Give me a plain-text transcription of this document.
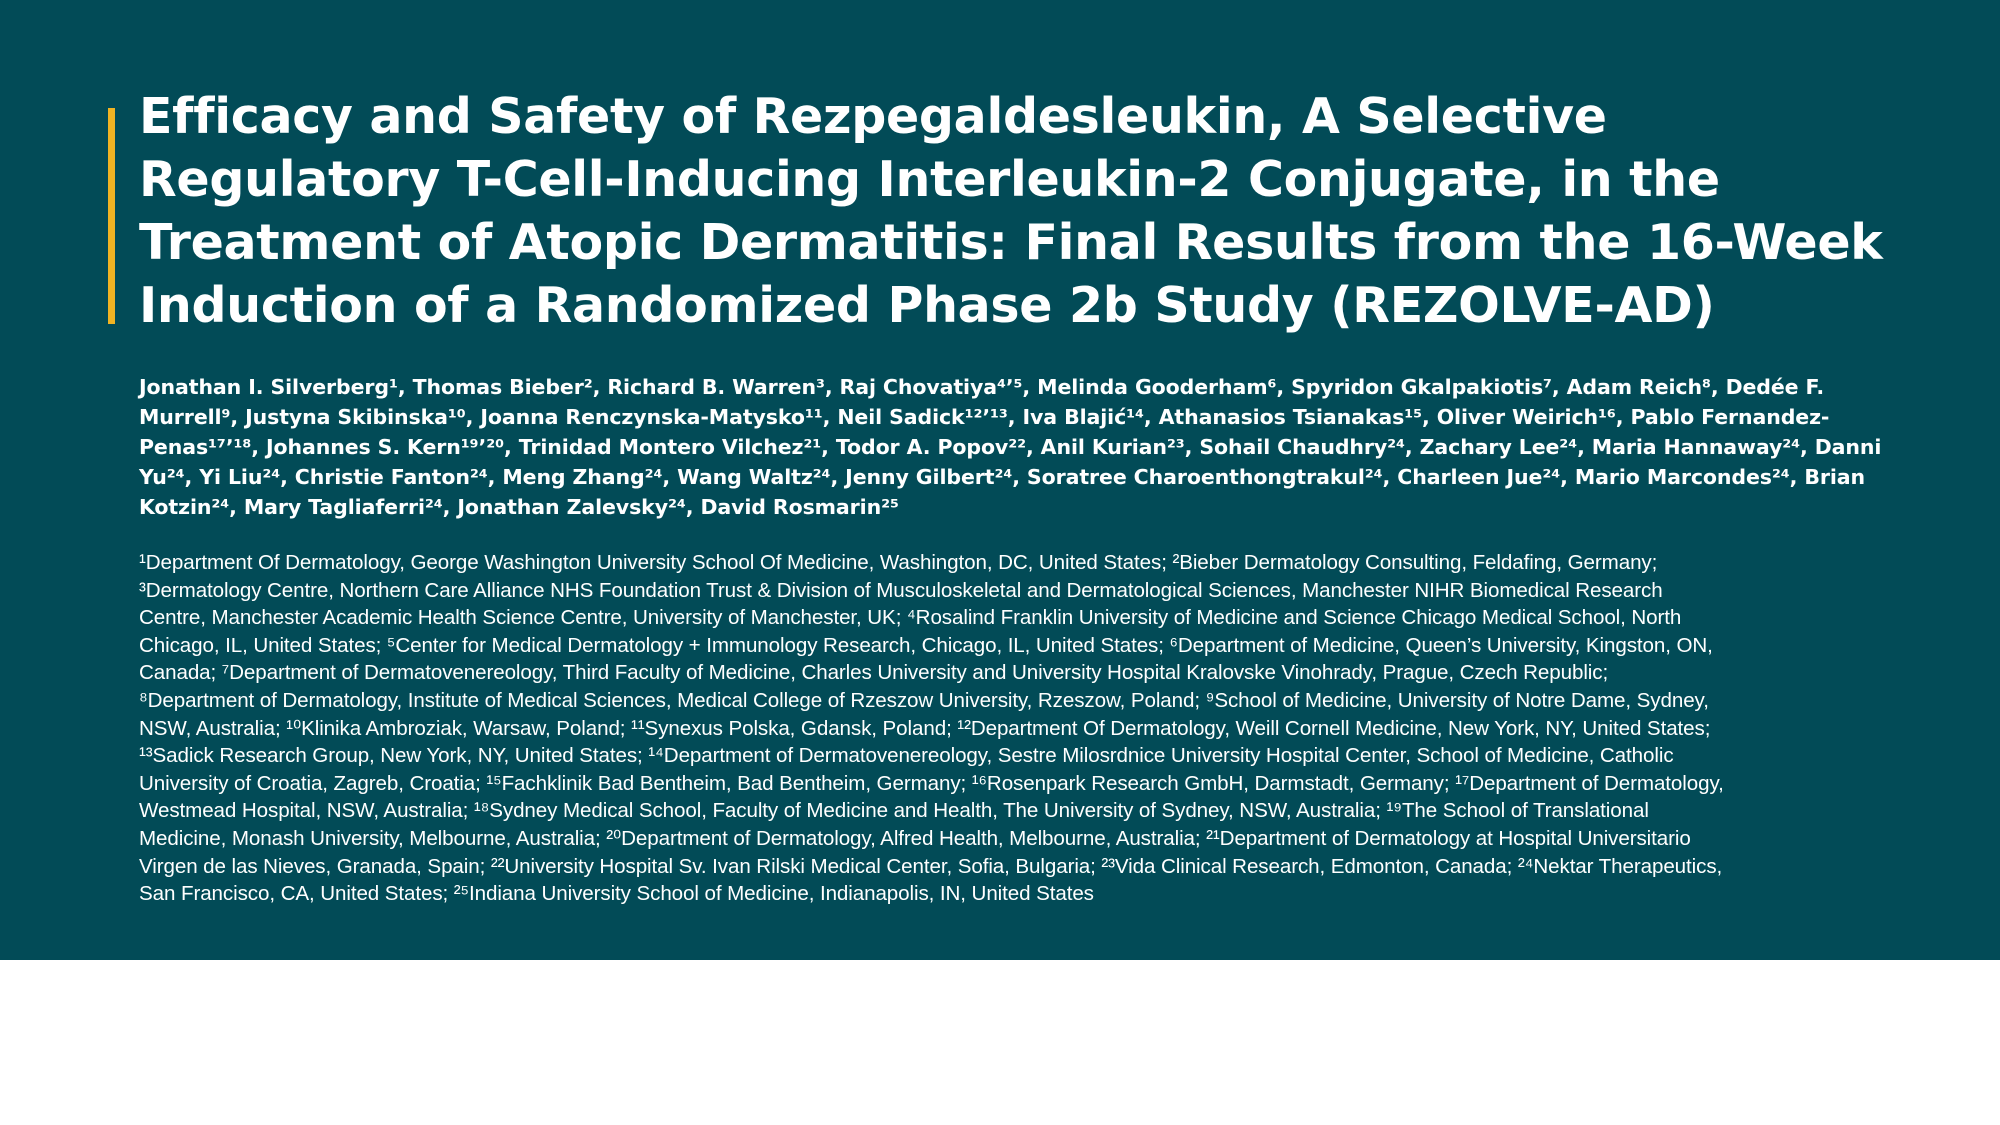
Efficacy and Safety of Rezpegaldesleukin, A Selective
Regulatory T-Cell-Inducing Interleukin-2 Conjugate, in the
Treatment of Atopic Dermatitis: Final Results from the 16-Week
Induction of a Randomized Phase 2b Study (REZOLVE-AD)

Jonathan I. Silverberg¹, Thomas Bieber², Richard B. Warren³, Raj Chovatiya⁴ʼ⁵, Melinda Gooderham⁶, Spyridon Gkalpakiotis⁷, Adam Reich⁸, Dedée F.
Murrell⁹, Justyna Skibinska¹⁰, Joanna Renczynska-Matysko¹¹, Neil Sadick¹²ʼ¹³, Iva Blajić¹⁴, Athanasios Tsianakas¹⁵, Oliver Weirich¹⁶, Pablo Fernandez-
Penas¹⁷ʼ¹⁸, Johannes S. Kern¹⁹ʼ²⁰, Trinidad Montero Vilchez²¹, Todor A. Popov²², Anil Kurian²³, Sohail Chaudhry²⁴, Zachary Lee²⁴, Maria Hannaway²⁴, Danni
Yu²⁴, Yi Liu²⁴, Christie Fanton²⁴, Meng Zhang²⁴, Wang Waltz²⁴, Jenny Gilbert²⁴, Soratree Charoenthongtrakul²⁴, Charleen Jue²⁴, Mario Marcondes²⁴, Brian
Kotzin²⁴, Mary Tagliaferri²⁴, Jonathan Zalevsky²⁴, David Rosmarin²⁵

¹Department Of Dermatology, George Washington University School Of Medicine, Washington, DC, United States; ²Bieber Dermatology Consulting, Feldafing, Germany;
³Dermatology Centre, Northern Care Alliance NHS Foundation Trust & Division of Musculoskeletal and Dermatological Sciences, Manchester NIHR Biomedical Research
Centre, Manchester Academic Health Science Centre, University of Manchester, UK; ⁴Rosalind Franklin University of Medicine and Science Chicago Medical School, North
Chicago, IL, United States; ⁵Center for Medical Dermatology + Immunology Research, Chicago, IL, United States; ⁶Department of Medicine, Queen’s University, Kingston, ON,
Canada; ⁷Department of Dermatovenereology, Third Faculty of Medicine, Charles University and University Hospital Kralovske Vinohrady, Prague, Czech Republic;
⁸Department of Dermatology, Institute of Medical Sciences, Medical College of Rzeszow University, Rzeszow, Poland; ⁹School of Medicine, University of Notre Dame, Sydney,
NSW, Australia; ¹⁰Klinika Ambroziak, Warsaw, Poland; ¹¹Synexus Polska, Gdansk, Poland; ¹²Department Of Dermatology, Weill Cornell Medicine, New York, NY, United States;
¹³Sadick Research Group, New York, NY, United States; ¹⁴Department of Dermatovenereology, Sestre Milosrdnice University Hospital Center, School of Medicine, Catholic
University of Croatia, Zagreb, Croatia; ¹⁵Fachklinik Bad Bentheim, Bad Bentheim, Germany; ¹⁶Rosenpark Research GmbH, Darmstadt, Germany; ¹⁷Department of Dermatology,
Westmead Hospital, NSW, Australia; ¹⁸Sydney Medical School, Faculty of Medicine and Health, The University of Sydney, NSW, Australia; ¹⁹The School of Translational
Medicine, Monash University, Melbourne, Australia; ²⁰Department of Dermatology, Alfred Health, Melbourne, Australia; ²¹Department of Dermatology at Hospital Universitario
Virgen de las Nieves, Granada, Spain; ²²University Hospital Sv. Ivan Rilski Medical Center, Sofia, Bulgaria; ²³Vida Clinical Research, Edmonton, Canada; ²⁴Nektar Therapeutics,
San Francisco, CA, United States; ²⁵Indiana University School of Medicine, Indianapolis, IN, United States
